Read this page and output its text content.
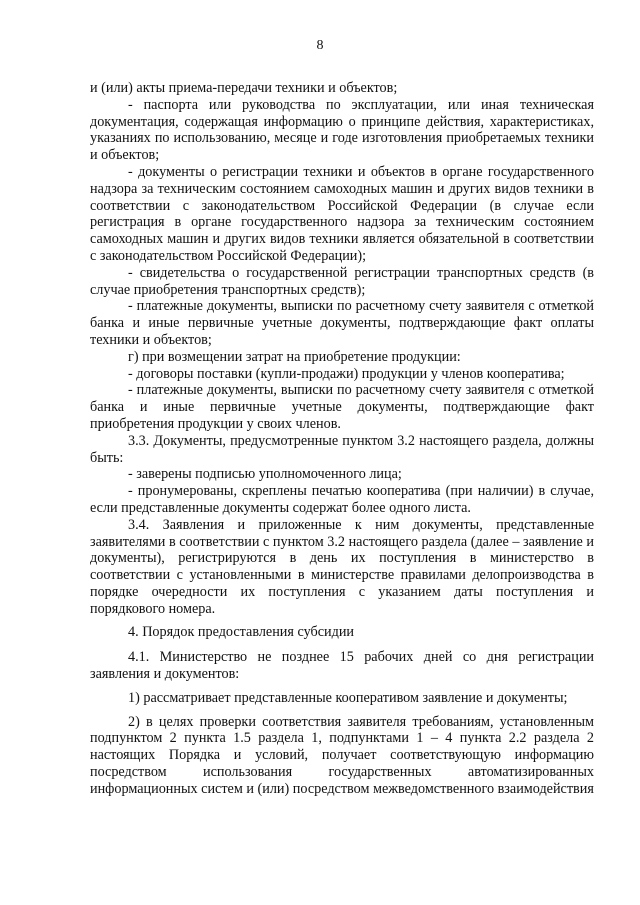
8

и (или) акты приема-передачи техники и объектов;

- паспорта или руководства по эксплуатации, или иная техническая документация, содержащая информацию о принципе действия, характеристиках, указаниях по использованию, месяце и годе изготовления приобретаемых техники и объектов;

- документы о регистрации техники и объектов в органе государственного надзора за техническим состоянием самоходных машин и других видов техники в соответствии с законодательством Российской Федерации (в случае если регистрация в органе государственного надзора за техническим состоянием самоходных машин и других видов техники является обязательной в соответствии с законодательством Российской Федерации);

- свидетельства о государственной регистрации транспортных средств (в случае приобретения транспортных средств);

- платежные документы, выписки по расчетному счету заявителя с отметкой банка и иные первичные учетные документы, подтверждающие факт оплаты техники и объектов;

г) при возмещении затрат на приобретение продукции:

- договоры поставки (купли-продажи) продукции у членов кооператива;

- платежные документы, выписки по расчетному счету заявителя с отметкой банка и иные первичные учетные документы, подтверждающие факт приобретения продукции у своих членов.

3.3. Документы, предусмотренные пунктом 3.2 настоящего раздела, должны быть:

- заверены подписью уполномоченного лица;

- пронумерованы, скреплены печатью кооператива (при наличии) в случае, если представленные документы содержат более одного листа.

3.4. Заявления и приложенные к ним документы, представленные заявителями в соответствии с пунктом 3.2 настоящего раздела (далее – заявление и документы), регистрируются в день их поступления в министерство в соответствии с установленными в министерстве правилами делопроизводства в порядке очередности их поступления с указанием даты поступления и порядкового номера.

4. Порядок предоставления субсидии

4.1. Министерство не позднее 15 рабочих дней со дня регистрации заявления и документов:

1) рассматривает представленные кооперативом заявление и документы;

2) в целях проверки соответствия заявителя требованиям, установленным подпунктом 2 пункта 1.5 раздела 1, подпунктами 1 – 4 пункта 2.2 раздела 2 настоящих Порядка и условий, получает соответствующую информацию посредством использования государственных автоматизированных информационных систем и (или) посредством межведомственного взаимодействия
